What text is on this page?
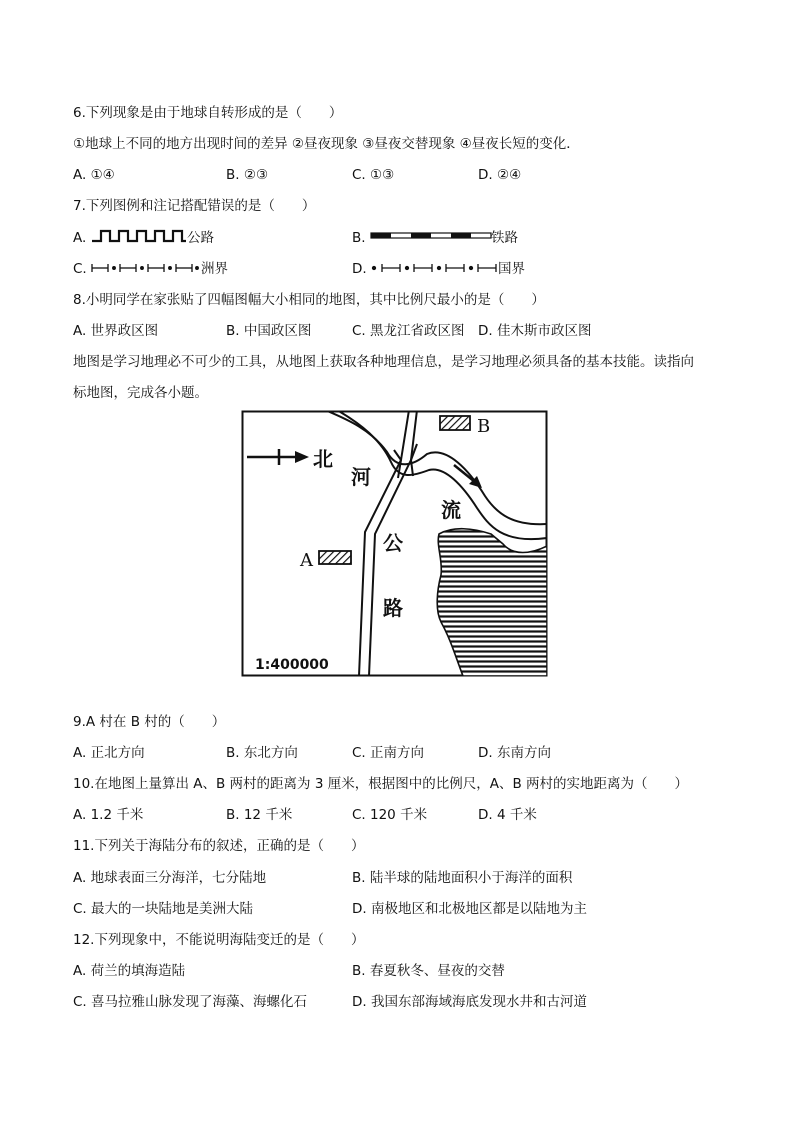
6.下列现象是由于地球自转形成的是（　　）
①地球上不同的地方出现时间的差异 ②昼夜现象 ③昼夜交替现象 ④昼夜长短的变化．
A. ①④	B. ②③	C. ①③	D. ②④
7.下列图例和注记搭配错误的是（　　）
A.	公路	B.	铁路
C.	洲界	D.	国界
8.小明同学在家张贴了四幅图幅大小相同的地图，其中比例尺最小的是（　　）
A. 世界政区图	B. 中国政区图	C. 黑龙江省政区图 D. 佳木斯市政区图
地图是学习地理必不可少的工具，从地图上获取各种地理信息，是学习地理必须具备的基本技能。读指向
标地图，完成各小题。
北
河
流
公
路
B
A
1:400000
9.A 村在 B 村的（　　）
A. 正北方向	B. 东北方向	C. 正南方向	D. 东南方向
10.在地图上量算出 A、B 两村的距离为 3 厘米，根据图中的比例尺，A、B 两村的实地距离为（　　）
A. 1.2 千米	B. 12 千米	C. 120 千米	D. 4 千米
11.下列关于海陆分布的叙述，正确的是（　　）
A. 地球表面三分海洋，七分陆地	B. 陆半球的陆地面积小于海洋的面积
C. 最大的一块陆地是美洲大陆	D. 南极地区和北极地区都是以陆地为主
12.下列现象中，不能说明海陆变迁的是（　　）
A. 荷兰的填海造陆	B. 春夏秋冬、昼夜的交替
C. 喜马拉雅山脉发现了海藻、海螺化石	D. 我国东部海域海底发现水井和古河道
